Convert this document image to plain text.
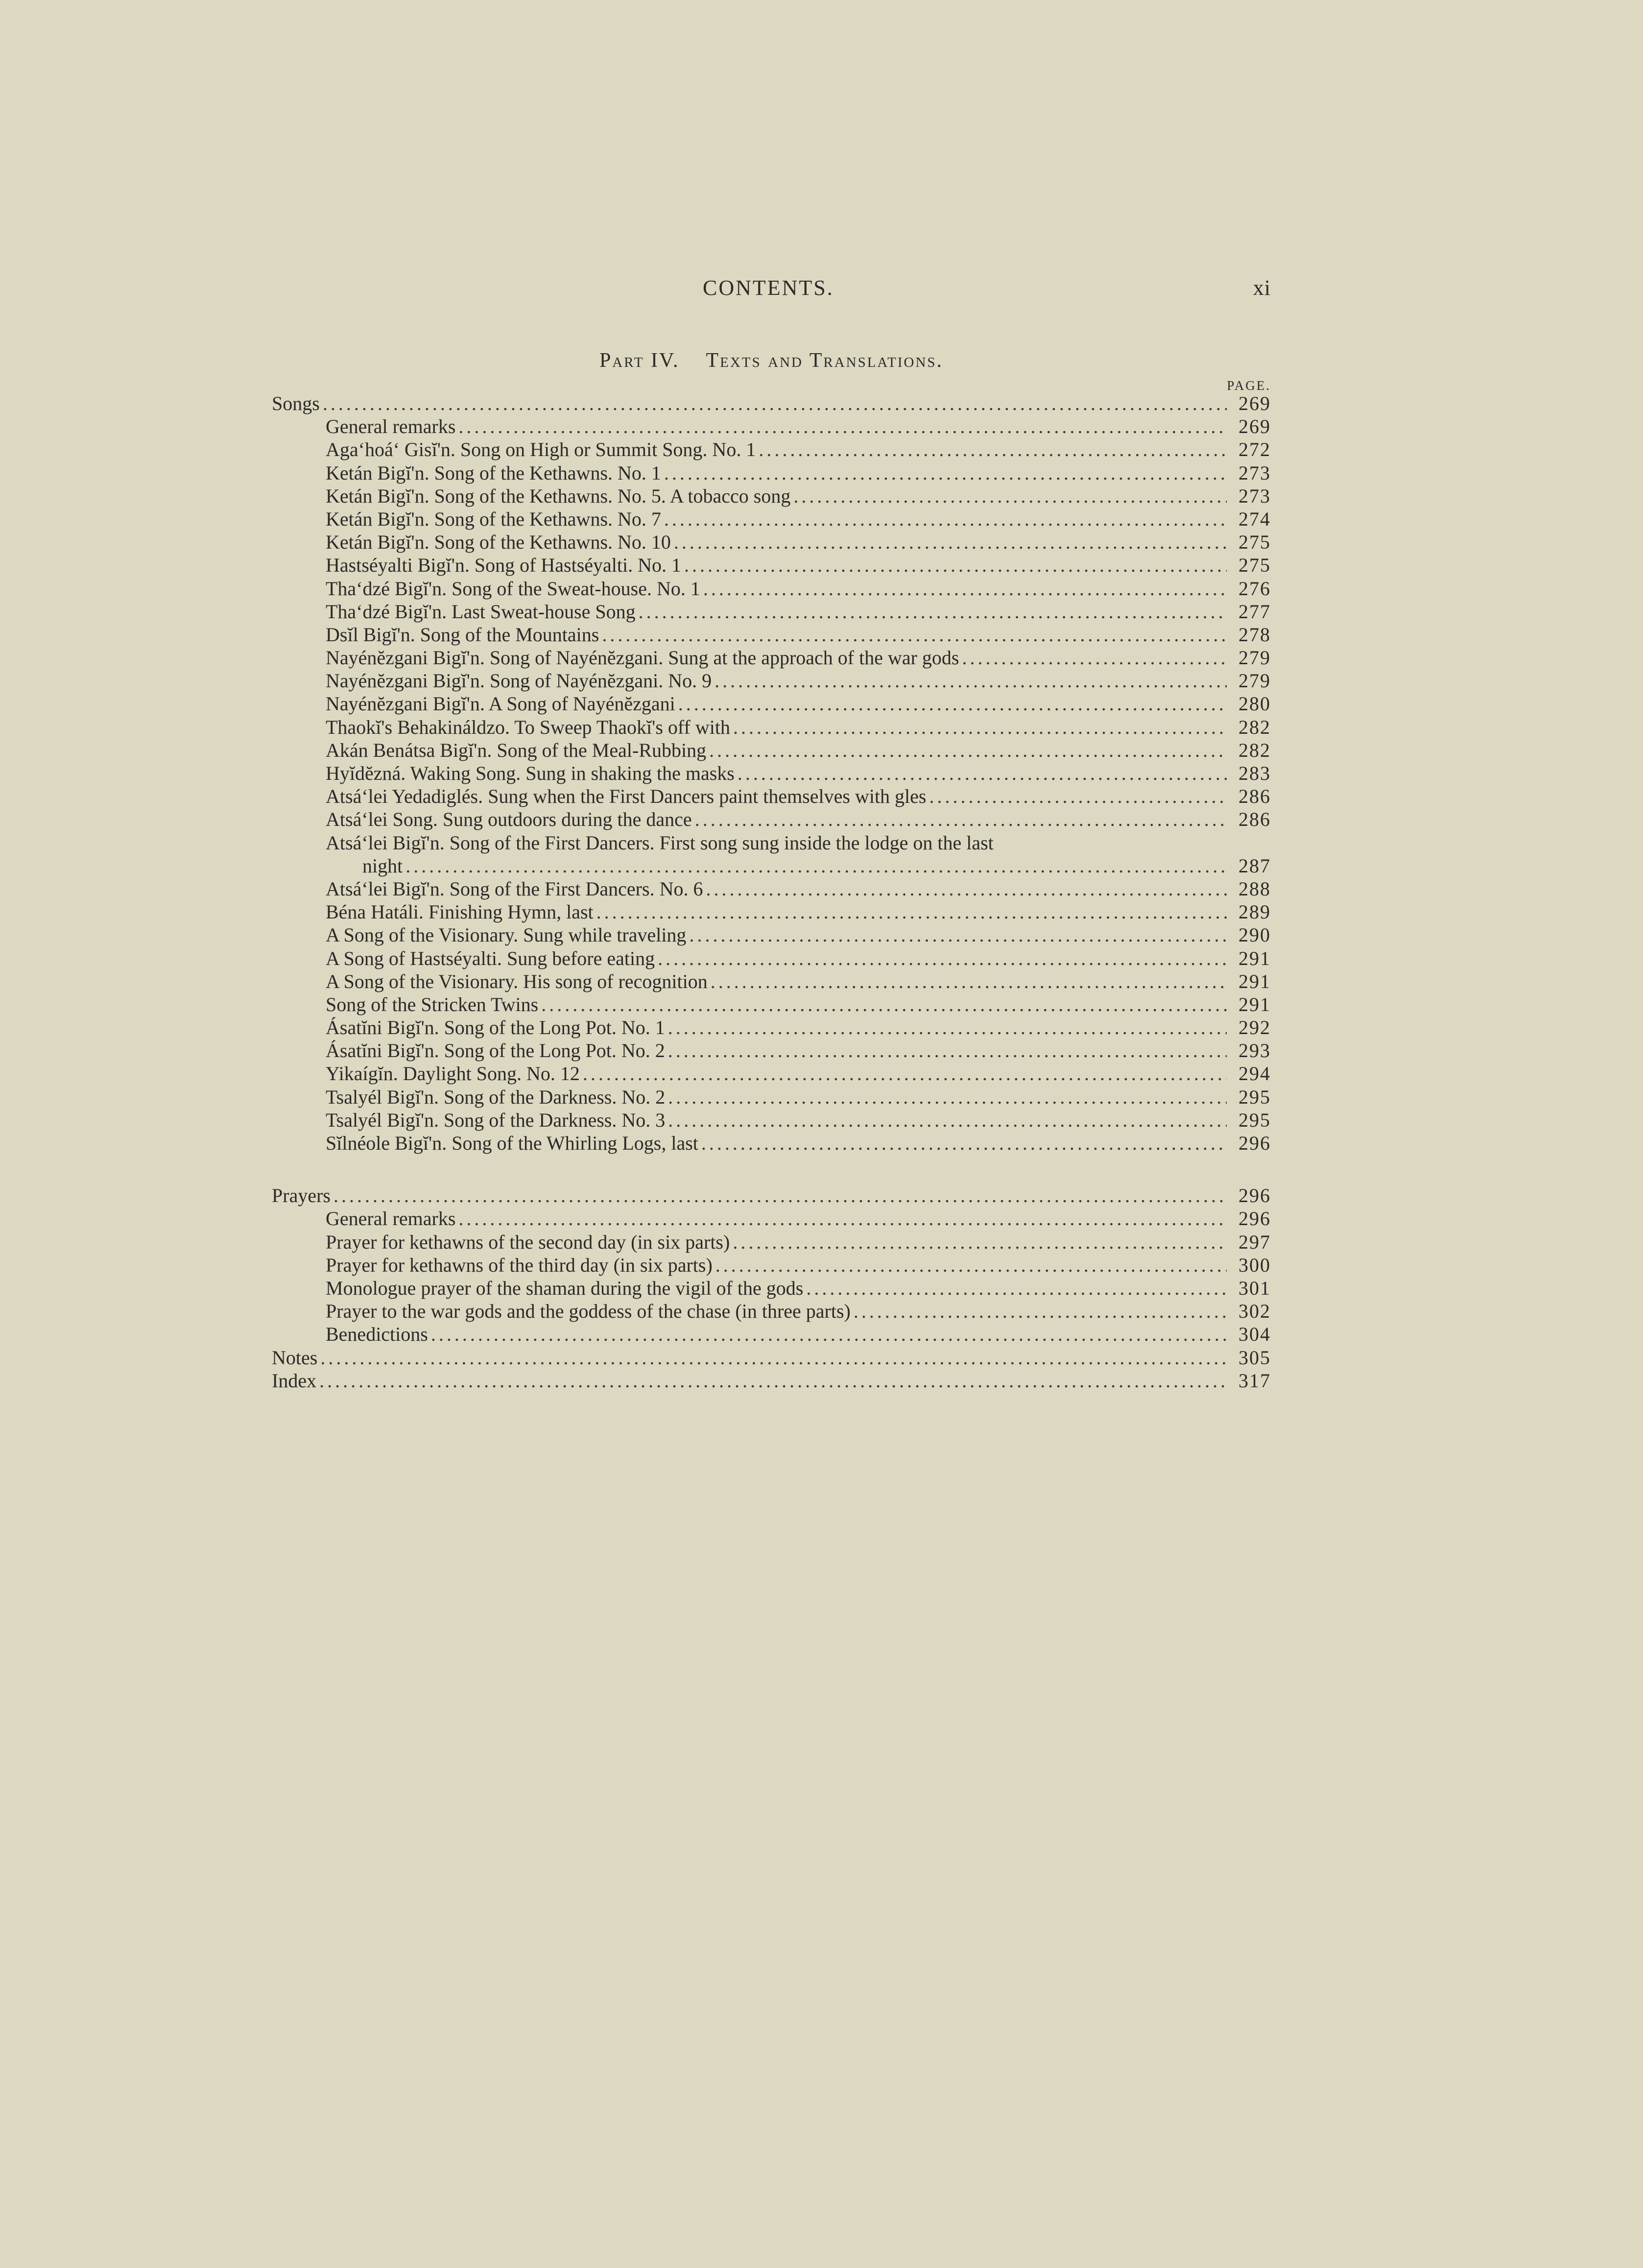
CONTENTS.	xi
Part IV. Texts and Translations.
PAGE.
Songs . . .	269
General remarks . . .	269
Aga‘hoá‘ Gisĭ'n. Song on High or Summit Song. No. 1 . . .	272
Ketán Bigĭ'n. Song of the Kethawns. No. 1 . . .	273
Ketán Bigĭ'n. Song of the Kethawns. No. 5. A tobacco song . . .	273
Ketán Bigĭ'n. Song of the Kethawns. No. 7 . . .	274
Ketán Bigĭ'n. Song of the Kethawns. No. 10 . . .	275
Hastséyalti Bigĭ'n. Song of Hastséyalti. No. 1 . . .	275
Tha‘dzé Bigĭ'n. Song of the Sweat-house. No. 1 . . .	276
Tha‘dzé Bigĭ'n. Last Sweat-house Song . . .	277
Dsĭl Bigĭ'n. Song of the Mountains . . .	278
Nayénĕzgani Bigĭ'n. Song of Nayénĕzgani. Sung at the approach of the war gods . . .	279
Nayénĕzgani Bigĭ'n. Song of Nayénĕzgani. No. 9 . . .	279
Nayénĕzgani Bigĭ'n. A Song of Nayénĕzgani . . .	280
Thaokĭ's Behakináldzo. To Sweep Thaokĭ's off with . . .	282
Akán Benátsa Bigĭ'n. Song of the Meal-Rubbing . . .	282
Hyĭdĕzná. Waking Song. Sung in shaking the masks . . .	283
Atsá‘lei Yedadiglés. Sung when the First Dancers paint themselves with gles . . .	286
Atsá‘lei Song. Sung outdoors during the dance . . .	286
Atsá‘lei Bigĭ'n. Song of the First Dancers. First song sung inside the lodge on the last
night . . .	287
Atsá‘lei Bigĭ'n. Song of the First Dancers. No. 6 . . .	288
Béna Hatáli. Finishing Hymn, last . . .	289
A Song of the Visionary. Sung while traveling . . .	290
A Song of Hastséyalti. Sung before eating . . .	291
A Song of the Visionary. His song of recognition . . .	291
Song of the Stricken Twins . . .	291
Ásatĭni Bigĭ'n. Song of the Long Pot. No. 1 . . .	292
Ásatĭni Bigĭ'n. Song of the Long Pot. No. 2 . . .	293
Yikaígĭn. Daylight Song. No. 12 . . .	294
Tsalyél Bigĭ'n. Song of the Darkness. No. 2 . . .	295
Tsalyél Bigĭ'n. Song of the Darkness. No. 3 . . .	295
Sĭlnéole Bigĭ'n. Song of the Whirling Logs, last . . .	296
Prayers . . .	296
General remarks . . .	296
Prayer for kethawns of the second day (in six parts) . . .	297
Prayer for kethawns of the third day (in six parts) . . .	300
Monologue prayer of the shaman during the vigil of the gods . . .	301
Prayer to the war gods and the goddess of the chase (in three parts) . . .	302
Benedictions . . .	304
Notes . . .	305
Index . . .	317
